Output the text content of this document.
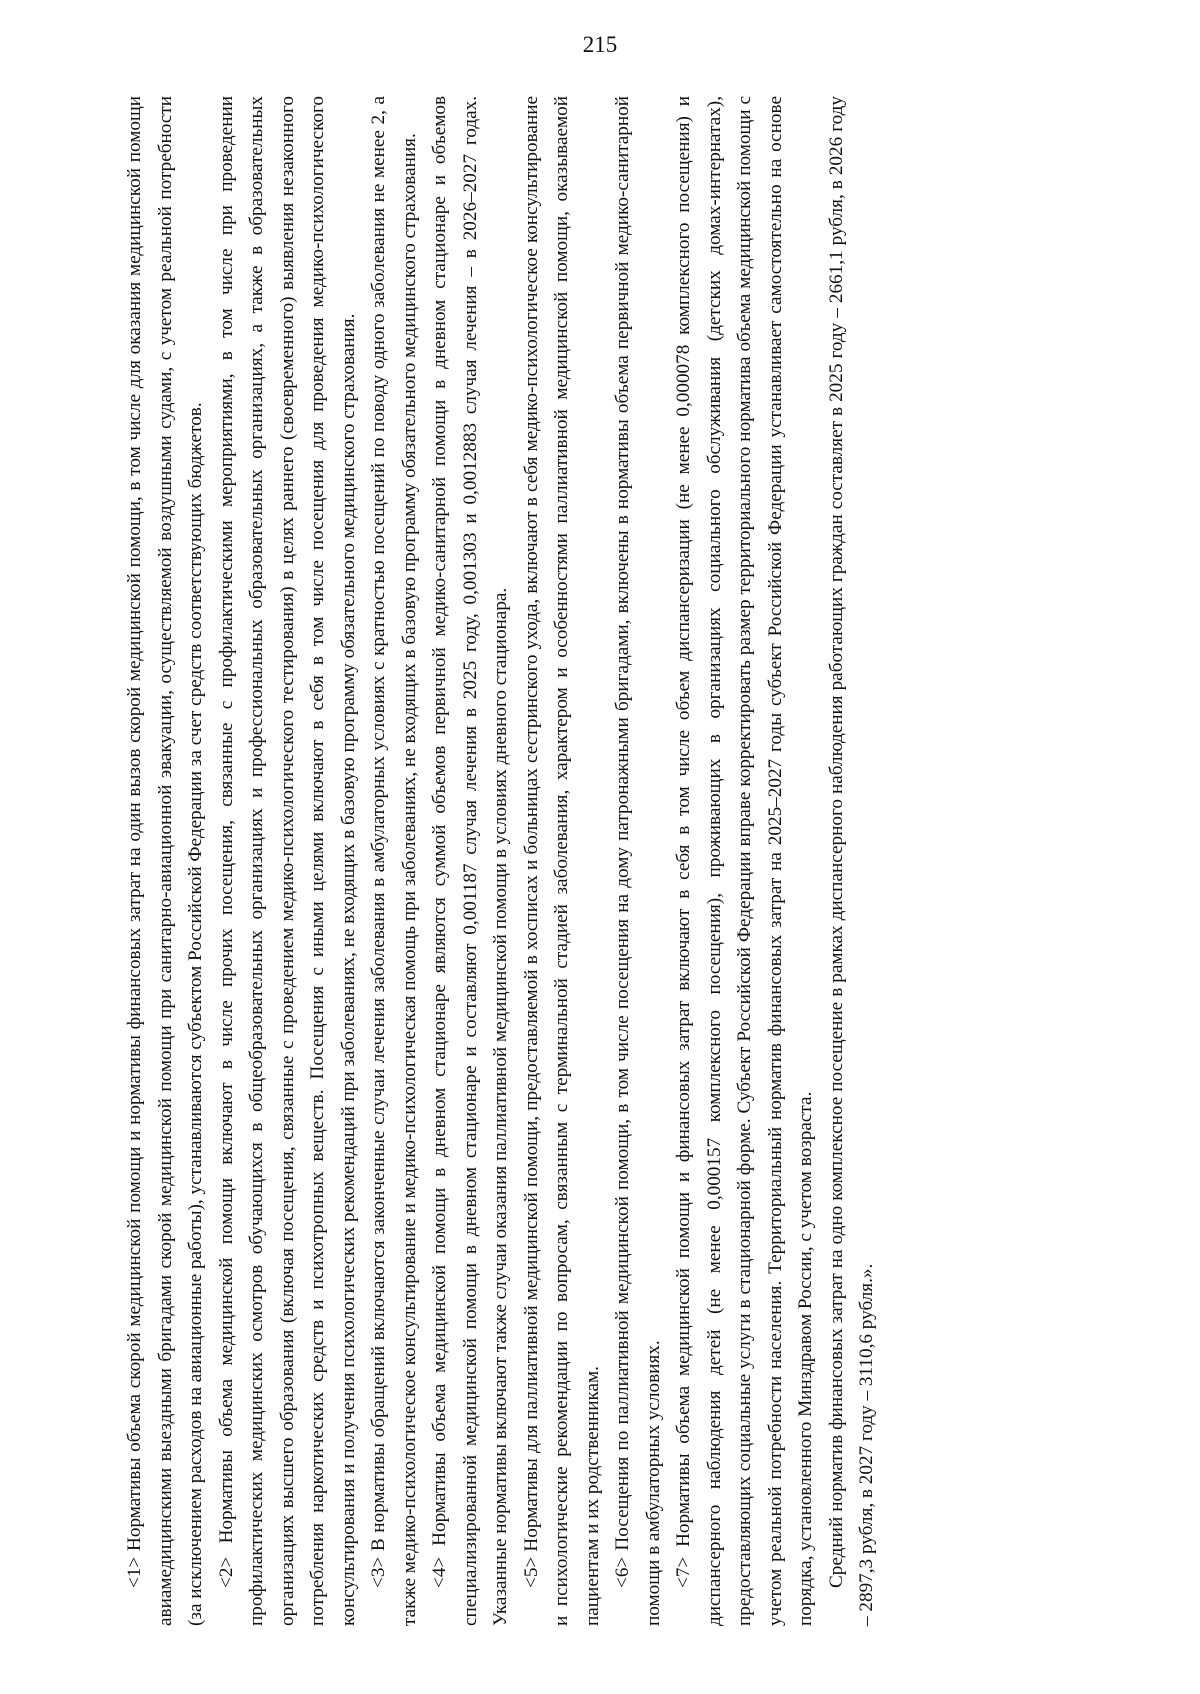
215

<1> Нормативы объема скорой медицинской помощи и нормативы финансовых затрат на один вызов скорой медицинской помощи, в том числе для оказания медицинской помощи авиамедицинскими выездными бригадами скорой медицинской помощи при санитарно-авиационной эвакуации, осуществляемой воздушными судами, с учетом реальной потребности (за исключением расходов на авиационные работы), устанавливаются субъектом Российской Федерации за счет средств соответствующих бюджетов. <2> Нормативы объема медицинской помощи включают в числе прочих посещения, связанные с профилактическими мероприятиями, в том числе при проведении профилактических медицинских осмотров обучающихся в общеобразовательных организациях и профессиональных образовательных организациях, а также в образовательных организациях высшего образования (включая посещения, связанные с проведением медико-психологического тестирования) в целях раннего (своевременного) выявления незаконного потребления наркотических средств и психотропных веществ. Посещения с иными целями включают в себя в том числе посещения для проведения медико-психологического консультирования и получения психологических рекомендаций при заболеваниях, не входящих в базовую программу обязательного медицинского страхования. <3> В нормативы обращений включаются законченные случаи лечения заболевания в амбулаторных условиях с кратностью посещений по поводу одного заболевания не менее 2, а также медико-психологическое консультирование и медико-психологическая помощь при заболеваниях, не входящих в базовую программу обязательного медицинского страхования. <4> Нормативы объема медицинской помощи в дневном стационаре являются суммой объемов первичной медико-санитарной помощи в дневном стационаре и объемов специализированной медицинской помощи в дневном стационаре и составляют 0,001187 случая лечения в 2025 году, 0,001303 и 0,0012883 случая лечения – в 2026–2027 годах. Указанные нормативы включают также случаи оказания паллиативной медицинской помощи в условиях дневного стационара. <5> Нормативы для паллиативной медицинской помощи, предоставляемой в хосписах и больницах сестринского ухода, включают в себя медико-психологическое консультирование и психологические рекомендации по вопросам, связанным с терминальной стадией заболевания, характером и особенностями паллиативной медицинской помощи, оказываемой пациентам и их родственникам. <6> Посещения по паллиативной медицинской помощи, в том числе посещения на дому патронажными бригадами, включены в нормативы объема первичной медико-санитарной помощи в амбулаторных условиях. <7> Нормативы объема медицинской помощи и финансовых затрат включают в себя в том числе объем диспансеризации (не менее 0,000078 комплексного посещения) и диспансерного наблюдения детей (не менее 0,000157 комплексного посещения), проживающих в организациях социального обслуживания (детских домах-интернатах), предоставляющих социальные услуги в стационарной форме. Субъект Российской Федерации вправе корректировать размер территориального норматива объема медицинской помощи с учетом реальной потребности населения. Территориальный норматив финансовых затрат на 2025–2027 годы субъект Российской Федерации устанавливает самостоятельно на основе порядка, установленного Минздравом России, с учетом возраста. Средний норматив финансовых затрат на одно комплексное посещение в рамках диспансерного наблюдения работающих граждан составляет в 2025 году – 2661,1 рубля, в 2026 году – 2897,3 рубля, в 2027 году – 3110,6 рубля.».
